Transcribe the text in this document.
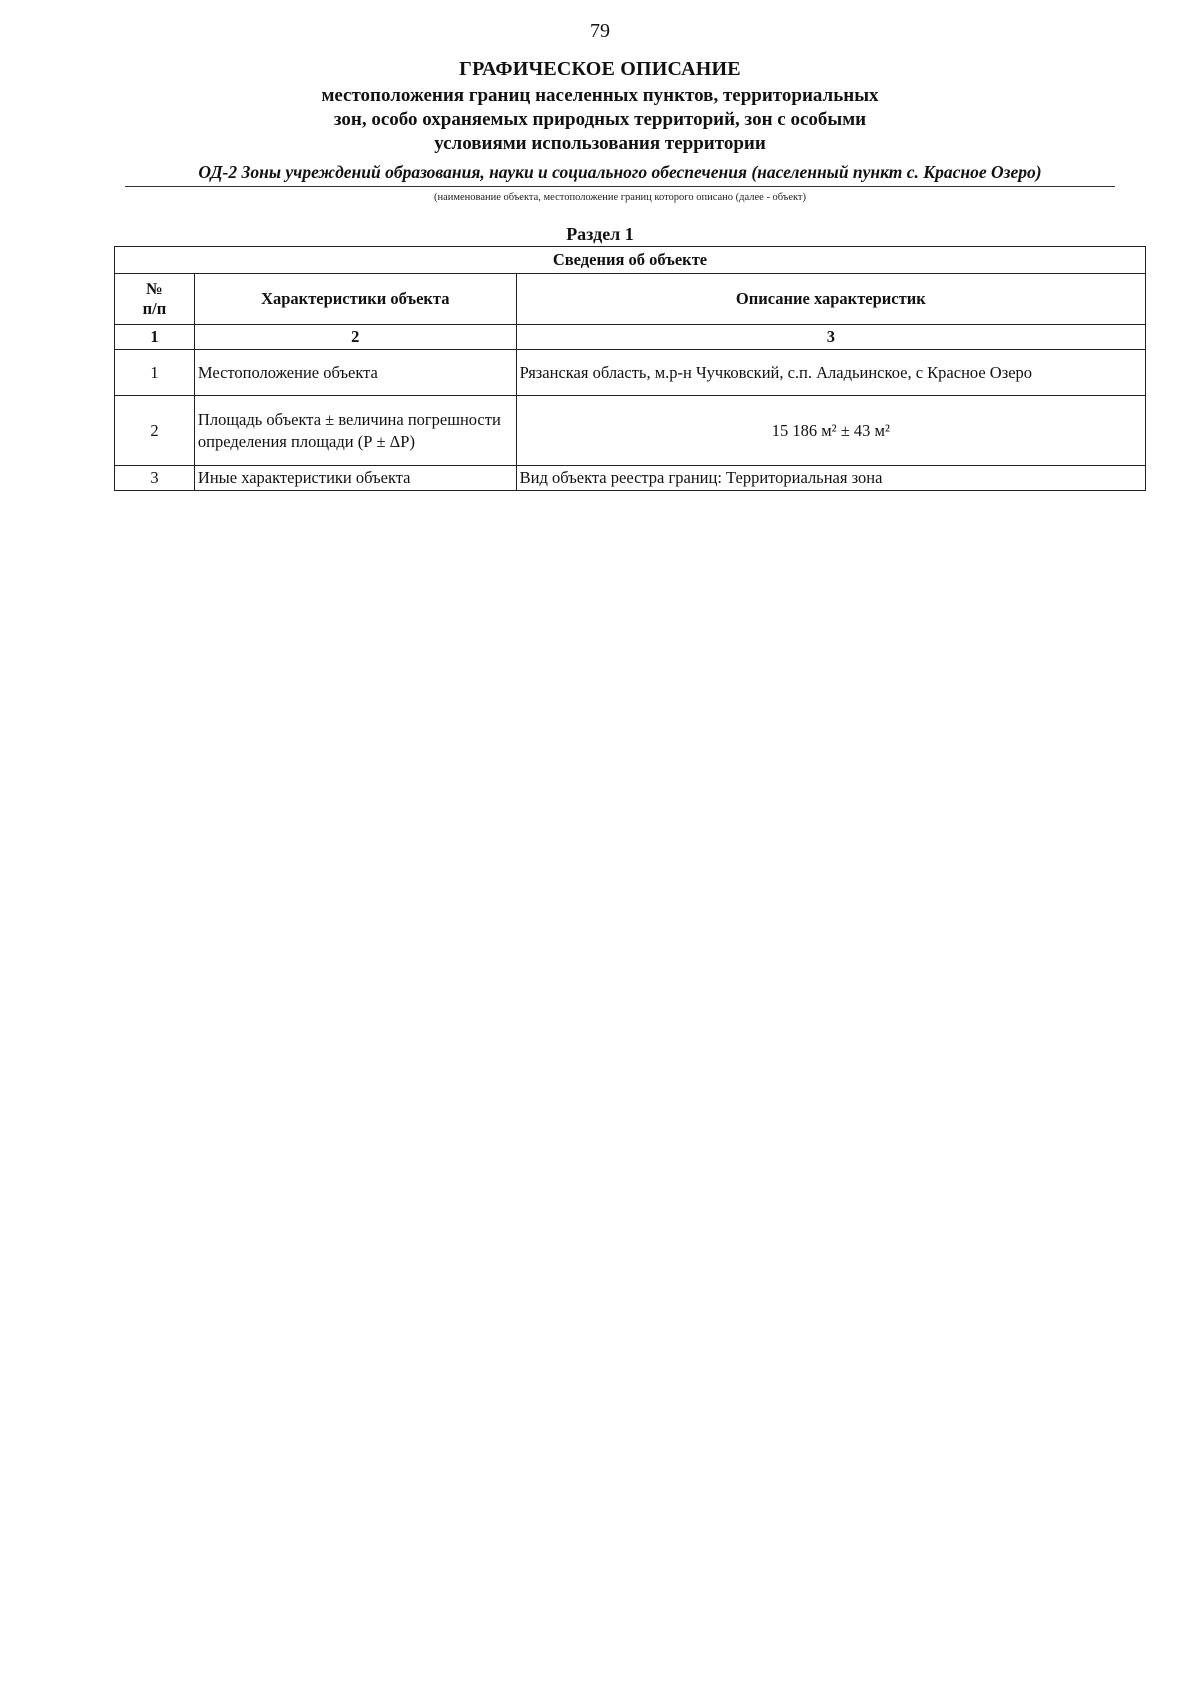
79
ГРАФИЧЕСКОЕ ОПИСАНИЕ
местоположения границ населенных пунктов, территориальных
зон, особо охраняемых природных территорий, зон с особыми
условиями использования территории
ОД-2 Зоны учреждений образования, науки и социального обеспечения (населенный пункт с. Красное Озеро)
(наименование объекта, местоположение границ которого описано (далее - объект)
Раздел 1
Сведения об объекте		

№
п/п	Характеристики объекта	Описание характеристик
1	2	3
1	Местоположение объекта	Рязанская область, м.р-н Чучковский, с.п. Аладьинское, с Красное Озеро
2	Площадь объекта ± величина погрешности определения площади (Р ± ΔР)	15 186 м² ± 43 м²
3	Иные характеристики объекта	Вид объекта реестра границ: Территориальная зона
